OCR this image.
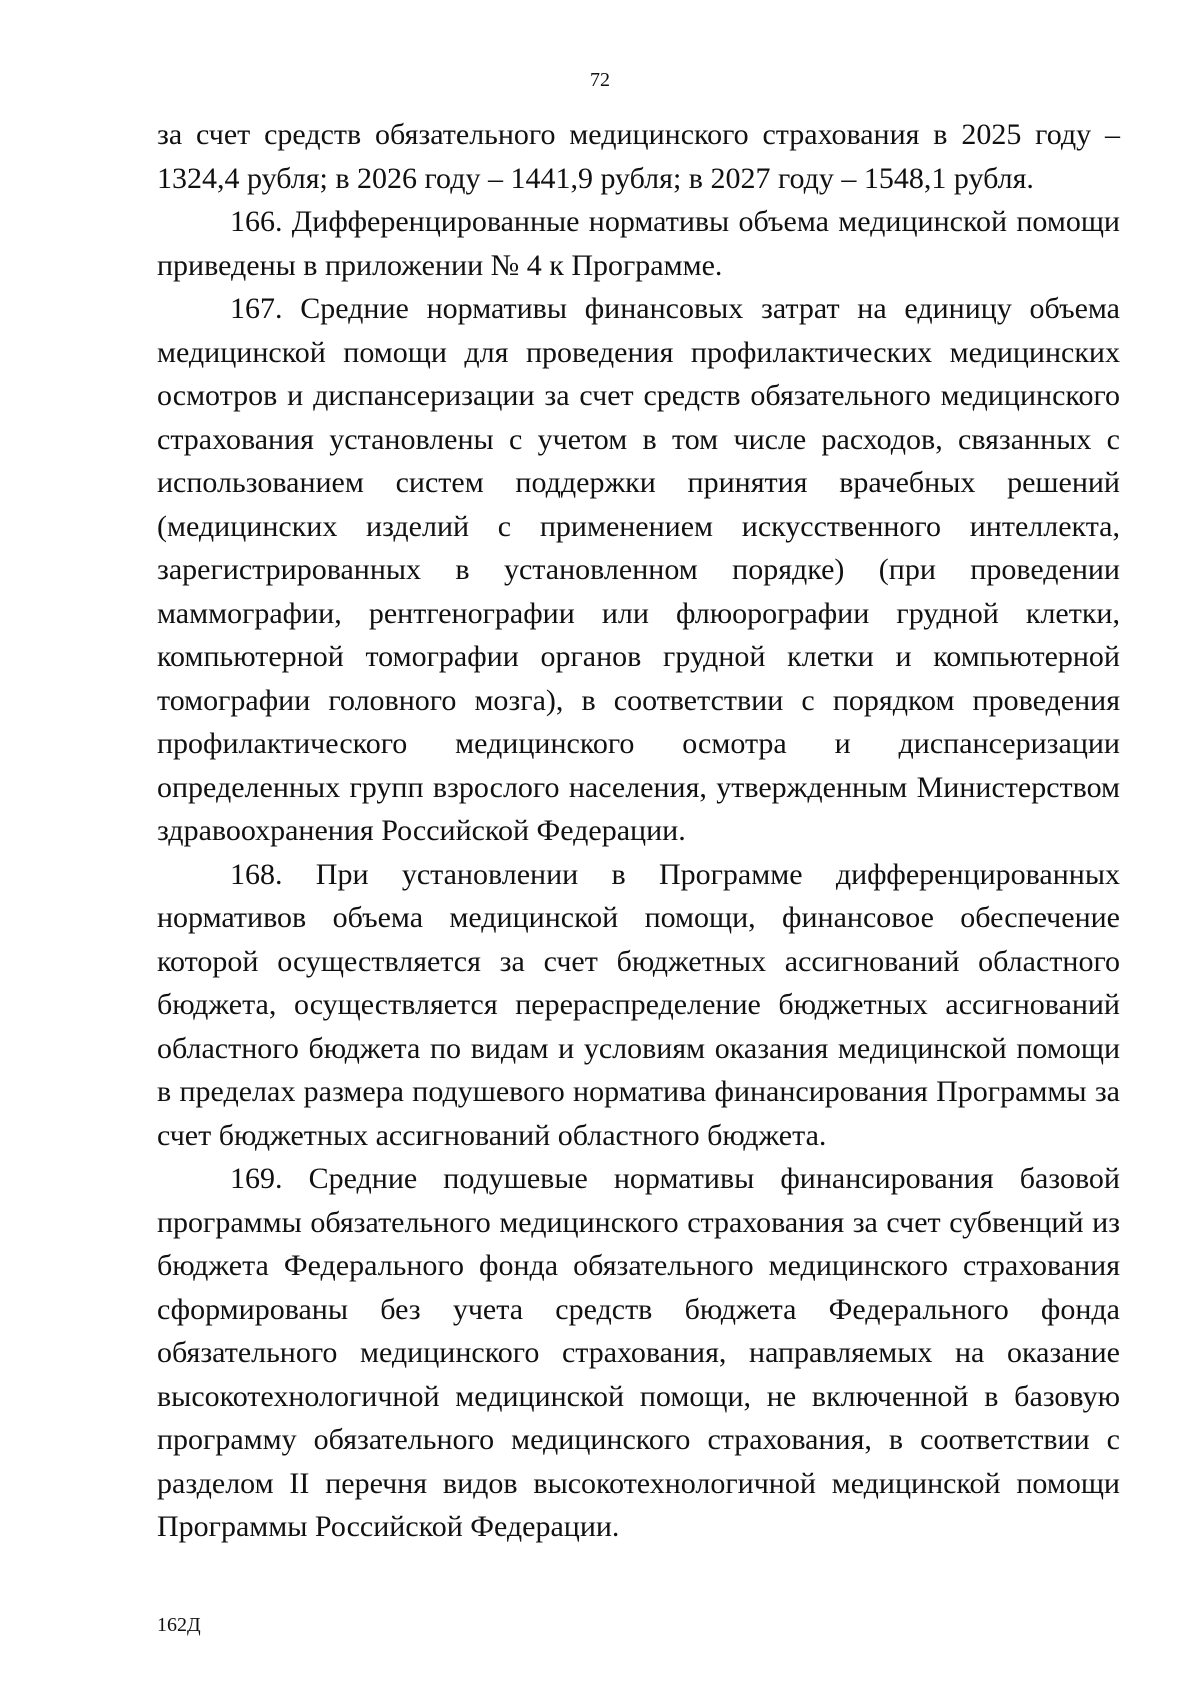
72

за счет средств обязательного медицинского страхования в 2025 году – 1324,4 рубля; в 2026 году – 1441,9 рубля; в 2027 году – 1548,1 рубля.

166. Дифференцированные нормативы объема медицинской помощи приведены в приложении № 4 к Программе.

167. Средние нормативы финансовых затрат на единицу объема медицинской помощи для проведения профилактических медицинских осмотров и диспансеризации за счет средств обязательного медицинского страхования установлены с учетом в том числе расходов, связанных с использованием систем поддержки принятия врачебных решений (медицинских изделий с применением искусственного интеллекта, зарегистрированных в установленном порядке) (при проведении маммографии, рентгенографии или флюорографии грудной клетки, компьютерной томографии органов грудной клетки и компьютерной томографии головного мозга), в соответствии с порядком проведения профилактического медицинского осмотра и диспансеризации определенных групп взрослого населения, утвержденным Министерством здравоохранения Российской Федерации.

168. При установлении в Программе дифференцированных нормативов объема медицинской помощи, финансовое обеспечение которой осуществляется за счет бюджетных ассигнований областного бюджета, осуществляется перераспределение бюджетных ассигнований областного бюджета по видам и условиям оказания медицинской помощи в пределах размера подушевого норматива финансирования Программы за счет бюджетных ассигнований областного бюджета.

169. Средние подушевые нормативы финансирования базовой программы обязательного медицинского страхования за счет субвенций из бюджета Федерального фонда обязательного медицинского страхования сформированы без учета средств бюджета Федерального фонда обязательного медицинского страхования, направляемых на оказание высокотехнологичной медицинской помощи, не включенной в базовую программу обязательного медицинского страхования, в соответствии с разделом II перечня видов высокотехнологичной медицинской помощи Программы Российской Федерации.

162Д
